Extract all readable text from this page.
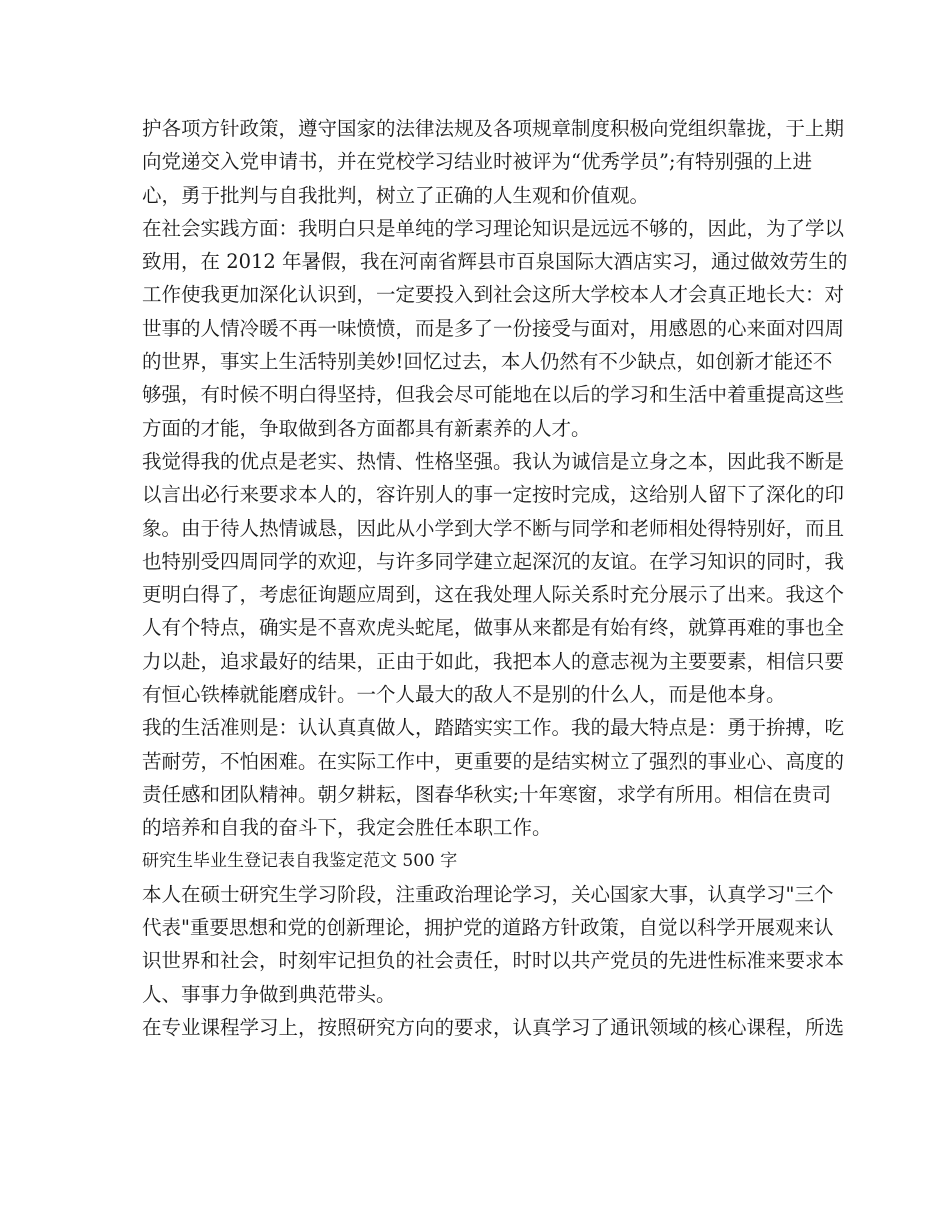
护各项方针政策，遵守国家的法律法规及各项规章制度积极向党组织靠拢，于上期
向党递交入党申请书，并在党校学习结业时被评为“优秀学员”;有特别强的上进
心，勇于批判与自我批判，树立了正确的人生观和价值观。
在社会实践方面：我明白只是单纯的学习理论知识是远远不够的，因此，为了学以
致用，在 2012 年暑假，我在河南省辉县市百泉国际大酒店实习，通过做效劳生的
工作使我更加深化认识到，一定要投入到社会这所大学校本人才会真正地长大：对
世事的人情冷暖不再一味愤愤，而是多了一份接受与面对，用感恩的心来面对四周
的世界，事实上生活特别美妙!回忆过去，本人仍然有不少缺点，如创新才能还不
够强，有时候不明白得坚持，但我会尽可能地在以后的学习和生活中着重提高这些
方面的才能，争取做到各方面都具有新素养的人才。
我觉得我的优点是老实、热情、性格坚强。我认为诚信是立身之本，因此我不断是
以言出必行来要求本人的，容许别人的事一定按时完成，这给别人留下了深化的印
象。由于待人热情诚恳，因此从小学到大学不断与同学和老师相处得特别好，而且
也特别受四周同学的欢迎，与许多同学建立起深沉的友谊。在学习知识的同时，我
更明白得了，考虑征询题应周到，这在我处理人际关系时充分展示了出来。我这个
人有个特点，确实是不喜欢虎头蛇尾，做事从来都是有始有终，就算再难的事也全
力以赴，追求最好的结果，正由于如此，我把本人的意志视为主要要素，相信只要
有恒心铁棒就能磨成针。一个人最大的敌人不是别的什么人，而是他本身。
我的生活准则是：认认真真做人，踏踏实实工作。我的最大特点是：勇于拚搏，吃
苦耐劳，不怕困难。在实际工作中，更重要的是结实树立了强烈的事业心、高度的
责任感和团队精神。朝夕耕耘，图春华秋实;十年寒窗，求学有所用。相信在贵司
的培养和自我的奋斗下，我定会胜任本职工作。
研究生毕业生登记表自我鉴定范文 500 字
本人在硕士研究生学习阶段，注重政治理论学习，关心国家大事，认真学习"三个
代表"重要思想和党的创新理论，拥护党的道路方针政策，自觉以科学开展观来认
识世界和社会，时刻牢记担负的社会责任，时时以共产党员的先进性标准来要求本
人、事事力争做到典范带头。
在专业课程学习上，按照研究方向的要求，认真学习了通讯领域的核心课程，所选
